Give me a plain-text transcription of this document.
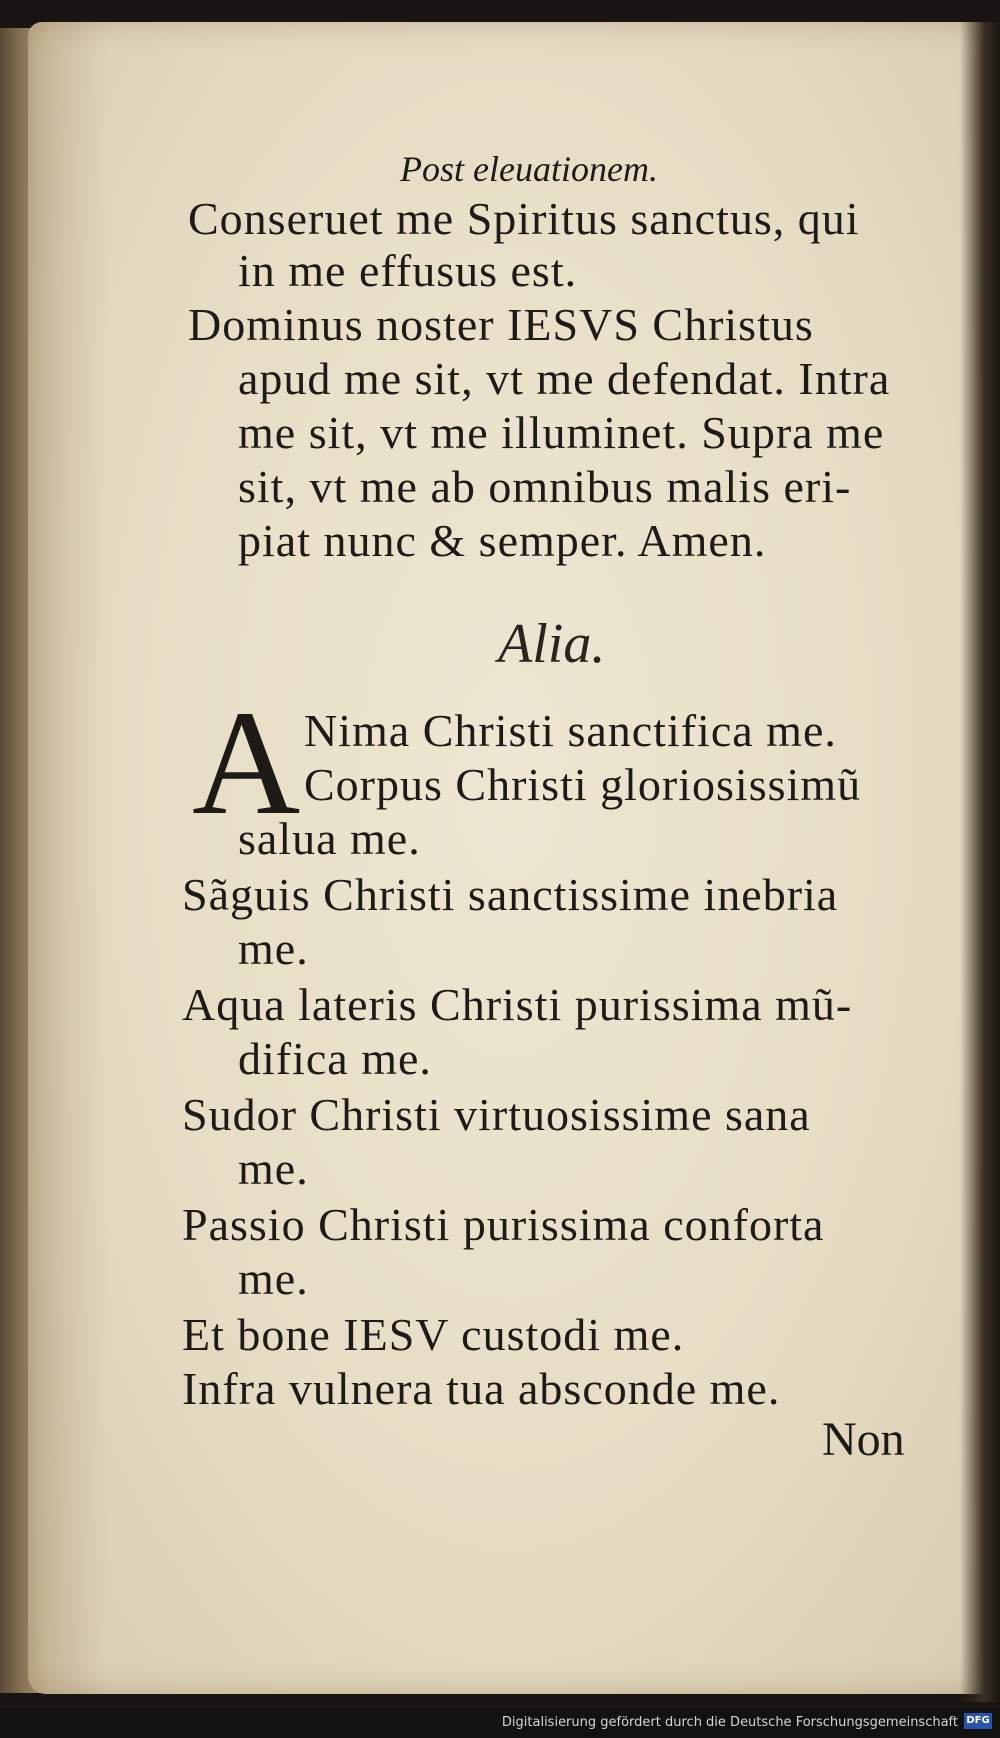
Post eleuationem.
Conseruet me Spiritus sanctus, qui
in me effusus est.
Dominus noster IESVS Christus
apud me sit, vt me defendat. Intra
me sit, vt me illuminet. Supra me
sit, vt me ab omnibus malis eri-
piat nunc & semper. Amen.
Alia.
A Nima Christi sanctifica me.
Corpus Christi gloriosissimũ
salua me.
Sãguis Christi sanctissime inebria
me.
Aqua lateris Christi purissima mũ-
difica me.
Sudor Christi virtuosissime sana
me.
Passio Christi purissima conforta
me.
Et bone IESV custodi me.
Infra vulnera tua absconde me.
Non
Digitalisierung gefördert durch die Deutsche Forschungsgemeinschaft DFG
